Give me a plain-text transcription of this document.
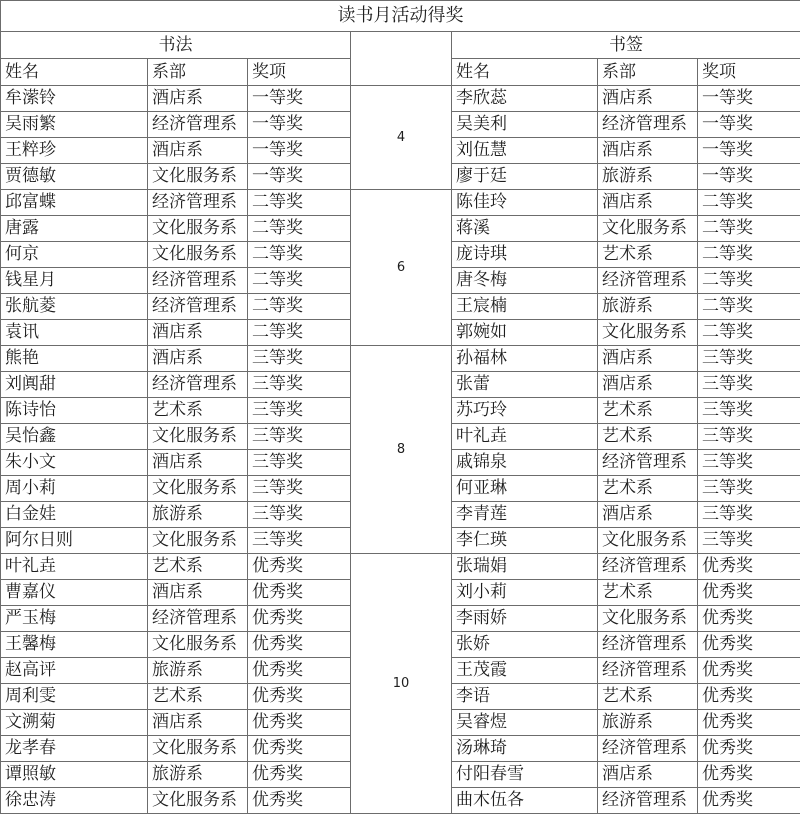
读书月活动得奖						
书法				书签		
姓名	系部	奖项		姓名	系部	奖项
牟潆铃	酒店系	一等奖	4	李欣蕊	酒店系	一等奖
吴雨繁	经济管理系	一等奖		吴美利	经济管理系	一等奖
王粹珍	酒店系	一等奖		刘伍慧	酒店系	一等奖
贾德敏	文化服务系	一等奖		廖于廷	旅游系	一等奖
邱富蝶	经济管理系	二等奖	6	陈佳玲	酒店系	二等奖
唐露	文化服务系	二等奖		蒋溪	文化服务系	二等奖
何京	文化服务系	二等奖		庞诗琪	艺术系	二等奖
钱星月	经济管理系	二等奖		唐冬梅	经济管理系	二等奖
张航菱	经济管理系	二等奖		王宸楠	旅游系	二等奖
袁讯	酒店系	二等奖		郭婉如	文化服务系	二等奖
熊艳	酒店系	三等奖	8	孙福林	酒店系	三等奖
刘阗甜	经济管理系	三等奖		张蕾	酒店系	三等奖
陈诗怡	艺术系	三等奖		苏巧玲	艺术系	三等奖
吴怡鑫	文化服务系	三等奖		叶礼垚	艺术系	三等奖
朱小文	酒店系	三等奖		戚锦泉	经济管理系	三等奖
周小莉	文化服务系	三等奖		何亚琳	艺术系	三等奖
白金娃	旅游系	三等奖		李青莲	酒店系	三等奖
阿尔日则	文化服务系	三等奖		李仁瑛	文化服务系	三等奖
叶礼垚	艺术系	优秀奖	10	张瑞娟	经济管理系	优秀奖
曹嘉仪	酒店系	优秀奖		刘小莉	艺术系	优秀奖
严玉梅	经济管理系	优秀奖		李雨娇	文化服务系	优秀奖
王馨梅	文化服务系	优秀奖		张娇	经济管理系	优秀奖
赵高评	旅游系	优秀奖		王茂霞	经济管理系	优秀奖
周利雯	艺术系	优秀奖		李语	艺术系	优秀奖
文溯菊	酒店系	优秀奖		吴睿煜	旅游系	优秀奖
龙孝春	文化服务系	优秀奖		汤琳琦	经济管理系	优秀奖
谭照敏	旅游系	优秀奖		付阳春雪	酒店系	优秀奖
徐忠涛	文化服务系	优秀奖		曲木伍各	经济管理系	优秀奖
